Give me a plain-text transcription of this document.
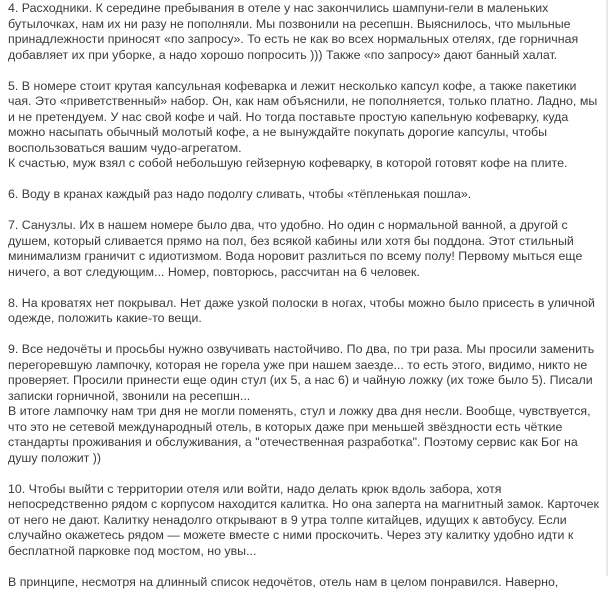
4. Расходники. К середине пребывания в отеле у нас закончились шампуни-гели в маленьких
бутылочках, нам их ни разу не пополняли. Мы позвонили на ресепшн. Выяснилось, что мыльные
принадлежности приносят «по запросу». То есть не как во всех нормальных отелях, где горничная
добавляет их при уборке, а надо хорошо попросить ))) Также «по запросу» дают банный халат.
5. В номере стоит крутая капсульная кофеварка и лежит несколько капсул кофе, а также пакетики
чая. Это «приветственный» набор. Он, как нам объяснили, не пополняется, только платно. Ладно, мы
и не претендуем. У нас свой кофе и чай. Но тогда поставьте простую капельную кофеварку, куда
можно насыпать обычный молотый кофе, а не вынуждайте покупать дорогие капсулы, чтобы
воспользоваться вашим чудо-агрегатом.
К счастью, муж взял с собой небольшую гейзерную кофеварку, в которой готовят кофе на плите.
6. Воду в кранах каждый раз надо подолгу сливать, чтобы «тёпленькая пошла».
7. Санузлы. Их в нашем номере было два, что удобно. Но один с нормальной ванной, а другой с
душем, который сливается прямо на пол, без всякой кабины или хотя бы поддона. Этот стильный
минимализм граничит с идиотизмом. Вода норовит разлиться по всему полу! Первому мыться еще
ничего, а вот следующим... Номер, повторюсь, рассчитан на 6 человек.
8. На кроватях нет покрывал. Нет даже узкой полоски в ногах, чтобы можно было присесть в уличной
одежде, положить какие-то вещи.
9. Все недочёты и просьбы нужно озвучивать настойчиво. По два, по три раза. Мы просили заменить
перегоревшую лампочку, которая не горела уже при нашем заезде... то есть этого, видимо, никто не
проверяет. Просили принести еще один стул (их 5, а нас 6) и чайную ложку (их тоже было 5). Писали
записки горничной, звонили на ресепшн...
В итоге лампочку нам три дня не могли поменять, стул и ложку два дня несли. Вообще, чувствуется,
что это не сетевой международный отель, в которых даже при меньшей звёздности есть чёткие
стандарты проживания и обслуживания, а "отечественная разработка". Поэтому сервис как Бог на
душу положит ))
10. Чтобы выйти с территории отеля или войти, надо делать крюк вдоль забора, хотя
непосредственно рядом с корпусом находится калитка. Но она заперта на магнитный замок. Карточек
от него не дают. Калитку ненадолго открывают в 9 утра толпе китайцев, идущих к автобусу. Если
случайно окажетесь рядом — можете вместе с ними проскочить. Через эту калитку удобно идти к
бесплатной парковке под мостом, но увы...
В принципе, несмотря на длинный список недочётов, отель нам в целом понравился. Наверно,
